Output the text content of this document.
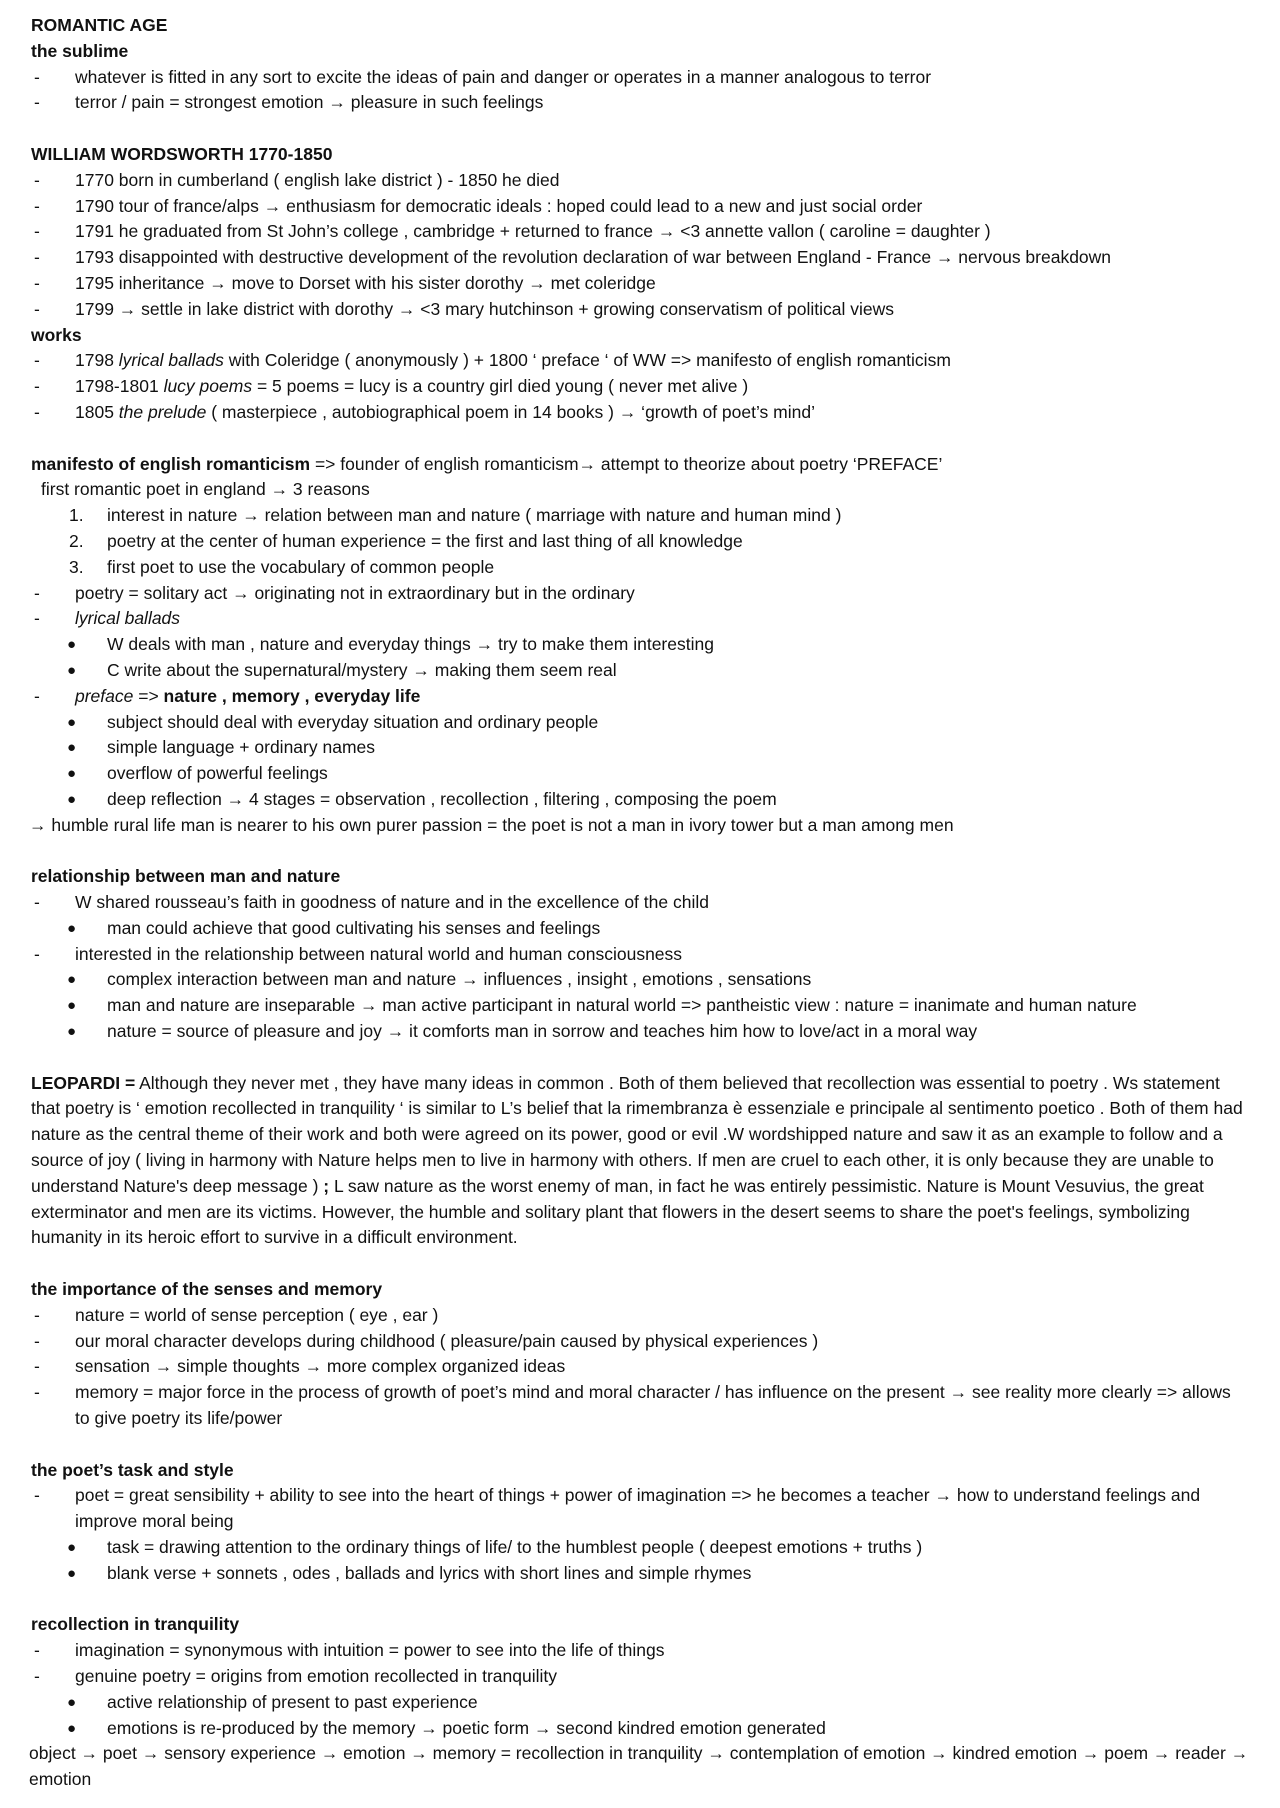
ROMANTIC AGE
the sublime
-	whatever is fitted in any sort to excite the ideas of pain and danger or operates in a manner analogous to terror
-	terror / pain = strongest emotion → pleasure in such feelings
WILLIAM WORDSWORTH 1770-1850
-	1770 born in cumberland ( english lake district ) - 1850 he died
-	1790 tour of france/alps → enthusiasm for democratic ideals : hoped could lead to a new and just social order
-	1791 he graduated from St John’s college , cambridge + returned to france → <3 annette vallon ( caroline = daughter )
-	1793 disappointed with destructive development of the revolution declaration of war between England - France → nervous breakdown
-	1795 inheritance → move to Dorset with his sister dorothy → met coleridge
-	1799 → settle in lake district with dorothy → <3 mary hutchinson + growing conservatism of political views
works
-	1798 lyrical ballads with Coleridge ( anonymously ) + 1800 ‘ preface ‘ of WW => manifesto of english romanticism
-	1798-1801 lucy poems = 5 poems = lucy is a country girl died young ( never met alive )
-	1805 the prelude ( masterpiece , autobiographical poem in 14 books ) → ‘growth of poet’s mind’
manifesto of english romanticism => founder of english romanticism→ attempt to theorize about poetry ‘PREFACE’
first romantic poet in england → 3 reasons
1.	interest in nature → relation between man and nature ( marriage with nature and human mind )
2.	poetry at the center of human experience = the first and last thing of all knowledge
3.	first poet to use the vocabulary of common people
-	poetry = solitary act → originating not in extraordinary but in the ordinary
-	lyrical ballads
●	W deals with man , nature and everyday things → try to make them interesting
●	C write about the supernatural/mystery → making them seem real
-	preface => nature , memory , everyday life
●	subject should deal with everyday situation and ordinary people
●	simple language + ordinary names
●	overflow of powerful feelings
●	deep reflection → 4 stages = observation , recollection , filtering , composing the poem
→ humble rural life man is nearer to his own purer passion = the poet is not a man in ivory tower but a man among men
relationship between man and nature
-	W shared rousseau’s faith in goodness of nature and in the excellence of the child
●	man could achieve that good cultivating his senses and feelings
-	interested in the relationship between natural world and human consciousness
●	complex interaction between man and nature → influences , insight , emotions , sensations
●	man and nature are inseparable → man active participant in natural world => pantheistic view : nature = inanimate and human nature
●	nature = source of pleasure and joy → it comforts man in sorrow and teaches him how to love/act in a moral way
LEOPARDI = Although they never met , they have many ideas in common . Both of them believed that recollection was essential to poetry . Ws statement that poetry is ‘ emotion recollected in tranquility ‘ is similar to L’s belief that la rimembranza è essenziale e principale al sentimento poetico . Both of them had nature as the central theme of their work and both were agreed on its power, good or evil .W wordshipped nature and saw it as an example to follow and a source of joy ( living in harmony with Nature helps men to live in harmony with others. If men are cruel to each other, it is only because they are unable to understand Nature's deep message ) ; L saw nature as the worst enemy of man, in fact he was entirely pessimistic. Nature is Mount Vesuvius, the great exterminator and men are its victims. However, the humble and solitary plant that flowers in the desert seems to share the poet's feelings, symbolizing humanity in its heroic effort to survive in a difficult environment.
the importance of the senses and memory
-	nature = world of sense perception ( eye , ear )
-	our moral character develops during childhood ( pleasure/pain caused by physical experiences )
-	sensation → simple thoughts → more complex organized ideas
-	memory = major force in the process of growth of poet’s mind and moral character / has influence on the present → see reality more clearly => allows to give poetry its life/power
the poet’s task and style
-	poet = great sensibility + ability to see into the heart of things + power of imagination => he becomes a teacher → how to understand feelings and improve moral being
●	task = drawing attention to the ordinary things of life/ to the humblest people ( deepest emotions + truths )
●	blank verse + sonnets , odes , ballads and lyrics with short lines and simple rhymes
recollection in tranquility
-	imagination = synonymous with intuition = power to see into the life of things
-	genuine poetry = origins from emotion recollected in tranquility
●	active relationship of present to past experience
●	emotions is re-produced by the memory → poetic form → second kindred emotion generated
object → poet → sensory experience → emotion → memory = recollection in tranquility → contemplation of emotion → kindred emotion → poem → reader → emotion
